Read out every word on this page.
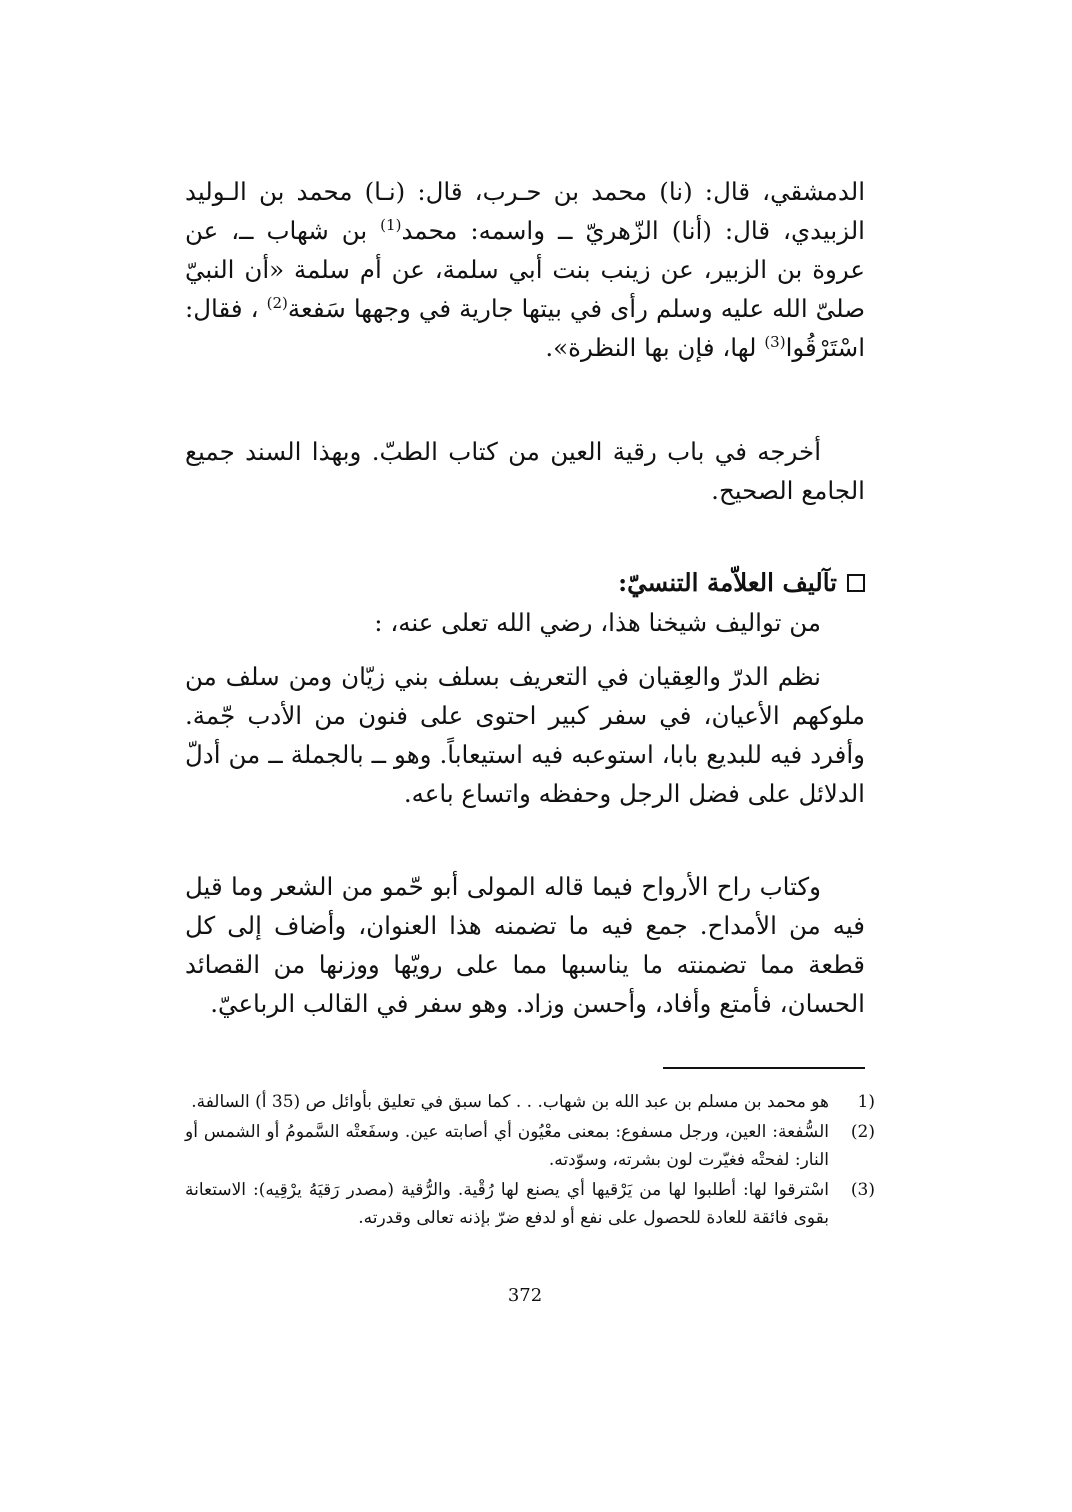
الدمشقي، قال: (نا) محمد بن حـرب، قال: (نـا) محمد بن الـوليد الزبيدي، قال: (أنا) الزّهريّ ــ واسمه: محمد$^{(1)}$ بن شهاب ــ، عن عروة بن الزبير، عن زينب بنت أبي سلمة، عن أم سلمة «أن النبيّ صلىّ الله عليه وسلم رأى في بيتها جارية في وجهها سَفعة$^{(2)}$ ، فقال: اسْتَرْقُوا$^{(3)}$ لها، فإن بها النظرة».

أخرجه في باب رقية العين من كتاب الطبّ. وبهذا السند جميع الجامع الصحيح.

تآليف العلاّمة التنسيّ:
من تواليف شيخنا هذا، رضي الله تعلى عنه، :

نظم الدرّ والعِقيان في التعريف بسلف بني زيّان ومن سلف من ملوكهم الأعيان، في سفر كبير احتوى على فنون من الأدب جّمة. وأفرد فيه للبديع بابا، استوعبه فيه استيعاباً. وهو ــ بالجملة ــ من أدلّ الدلائل على فضل الرجل وحفظه واتساع باعه.

وكتاب راح الأرواح فيما قاله المولى أبو حّمو من الشعر وما قيل فيه من الأمداح. جمع فيه ما تضمنه هذا العنوان، وأضاف إلى كل قطعة مما تضمنته ما يناسبها مما على رويّها ووزنها من القصائد الحسان، فأمتع وأفاد، وأحسن وزاد. وهو سفر في القالب الرباعيّ.

(1
هو محمد بن مسلم بن عبد الله بن شهاب. . . كما سبق في تعليق بأوائل ص (35 أ) السالفة.
(2)
السُّفعة: العين، ورجل مسفوع: بمعنى معْيُون أي أصابته عين. وسفَعتْه السَّمومُ أو الشمس أو النار: لفحتْه فغيّرت لون بشرته، وسوّدته.
(3)
اسْترقوا لها: أطلبوا لها من يَرْقيها أي يصنع لها رُقْية. والرُّقية (مصدر رَقيَهُ يرْقِيه): الاستعانة بقوى فائقة للعادة للحصول على نفع أو لدفع ضرّ بإذنه تعالى وقدرته.
372
